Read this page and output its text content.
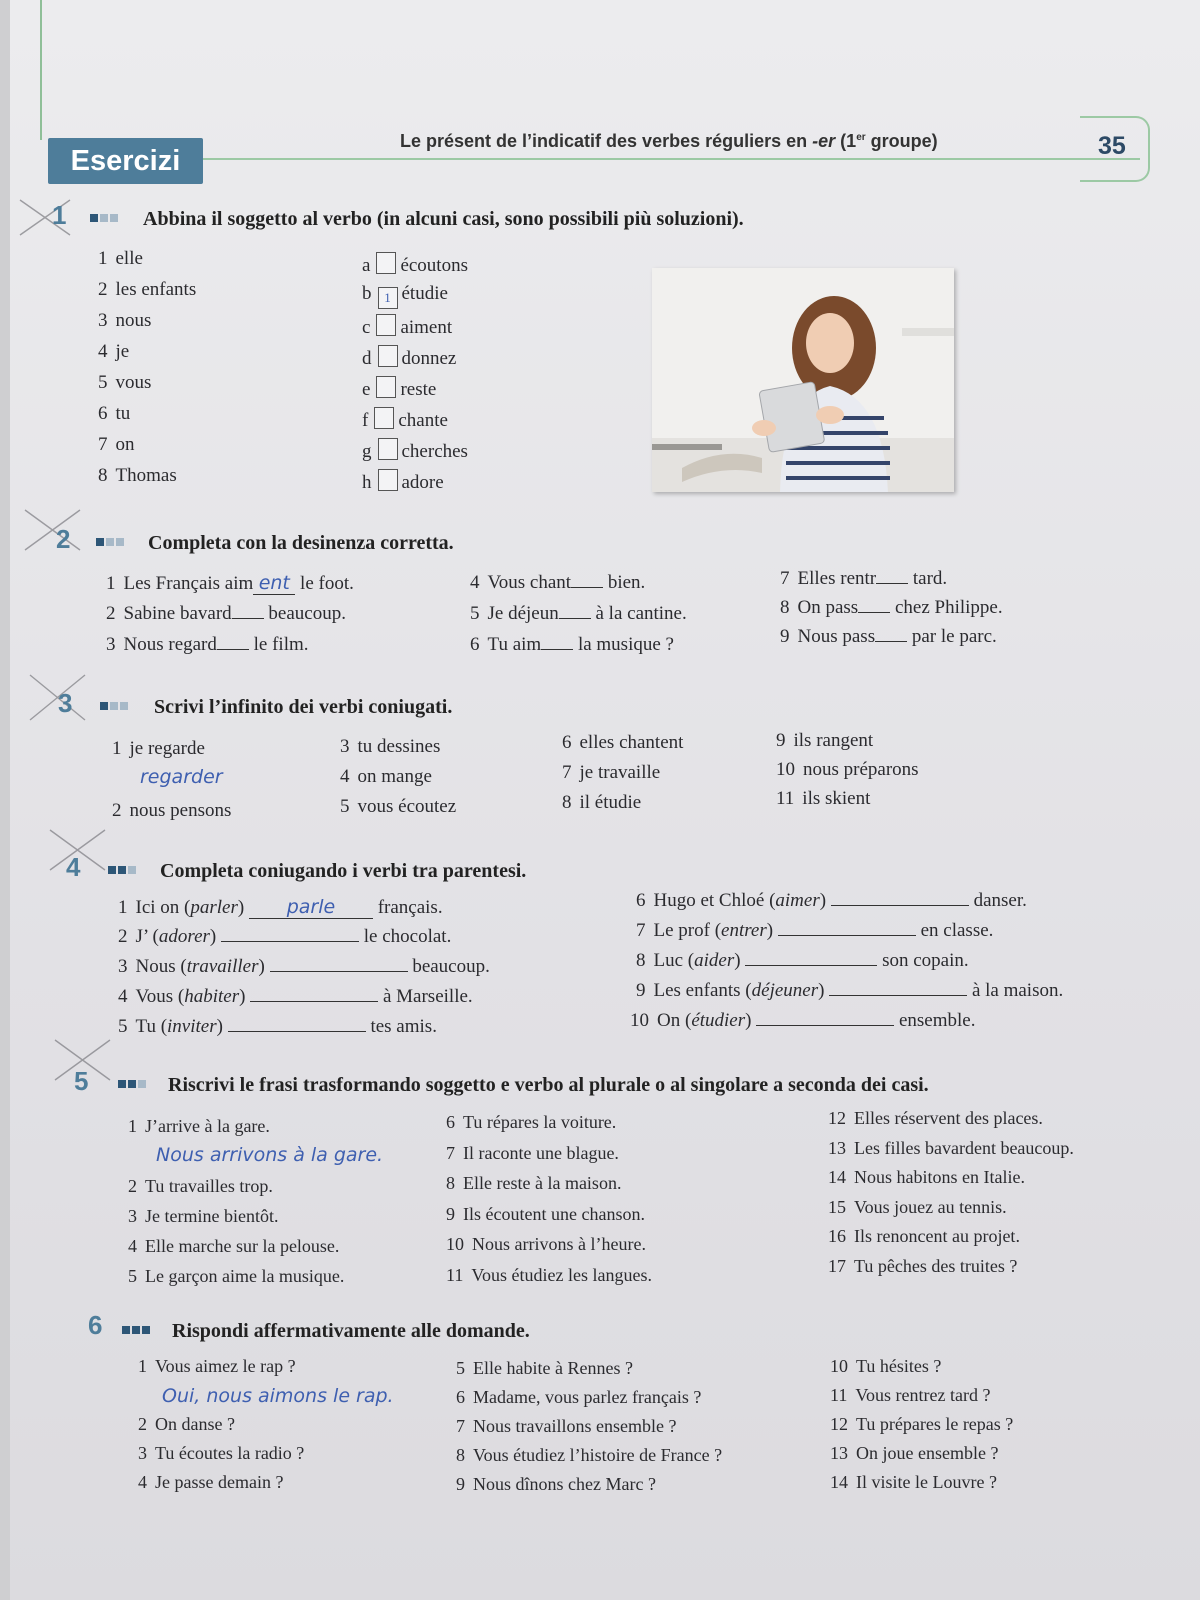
Esercizi
Le présent de l’indicatif des verbes réguliers en -er (1er groupe)	35
1	Abbina il soggetto al verbo (in alcuni casi, sono possibili più soluzioni).
1 elle
2 les enfants
3 nous
4 je
5 vous
6 tu
7 on
8 Thomas
a écoutons
b 1 étudie
c aiment
d donnez
e reste
f chante
g cherches
h adore
2	Completa con la desinenza corretta.
1 Les Français aim ent le foot.
2 Sabine bavard beaucoup.
3 Nous regard le film.
4 Vous chant bien.
5 Je déjeun à la cantine.
6 Tu aim la musique ?
7 Elles rentr tard.
8 On pass chez Philippe.
9 Nous pass par le parc.
3	Scrivi l’infinito dei verbi coniugati.
1 je regarde
2 nous pensons
3 tu dessines
4 on mange
5 vous écoutez
6 elles chantent
7 je travaille
8 il étudie
9 ils rangent
10 nous préparons
11 ils skient
regarder
4	Completa coniugando i verbi tra parentesi.
1 Ici on (parler) parle français.
2 J’ (adorer)	le chocolat.
3 Nous (travailler)	beaucoup.
4 Vous (habiter)	à Marseille.
5 Tu (inviter)	tes amis.
6 Hugo et Chloé (aimer)	danser.
7 Le prof (entrer)	en classe.
8 Luc (aider)	son copain.
9 Les enfants (déjeuner)	à la maison.
10 On (étudier)	ensemble.
5	Riscrivi le frasi trasformando soggetto e verbo al plurale o al singolare a seconda dei casi.
1 J’arrive à la gare.
2 Tu travailles trop.
3 Je termine bientôt.
4 Elle marche sur la pelouse.
5 Le garçon aime la musique.
6 Tu répares la voiture.
7 Il raconte une blague.
8 Elle reste à la maison.
9 Ils écoutent une chanson.
10 Nous arrivons à l’heure.
11 Vous étudiez les langues.
12 Elles réservent des places.
13 Les filles bavardent beaucoup.
14 Nous habitons en Italie.
15 Vous jouez au tennis.
16 Ils renoncent au projet.
17 Tu pêches des truites ?
Nous arrivons à la gare.
6	Rispondi affermativamente alle domande.
1 Vous aimez le rap ?
2 On danse ?
3 Tu écoutes la radio ?
4 Je passe demain ?
5 Elle habite à Rennes ?
6 Madame, vous parlez français ?
7 Nous travaillons ensemble ?
8 Vous étudiez l’histoire de France ?
9 Nous dînons chez Marc ?
10 Tu hésites ?
11 Vous rentrez tard ?
12 Tu prépares le repas ?
13 On joue ensemble ?
14 Il visite le Louvre ?
Oui, nous aimons le rap.
